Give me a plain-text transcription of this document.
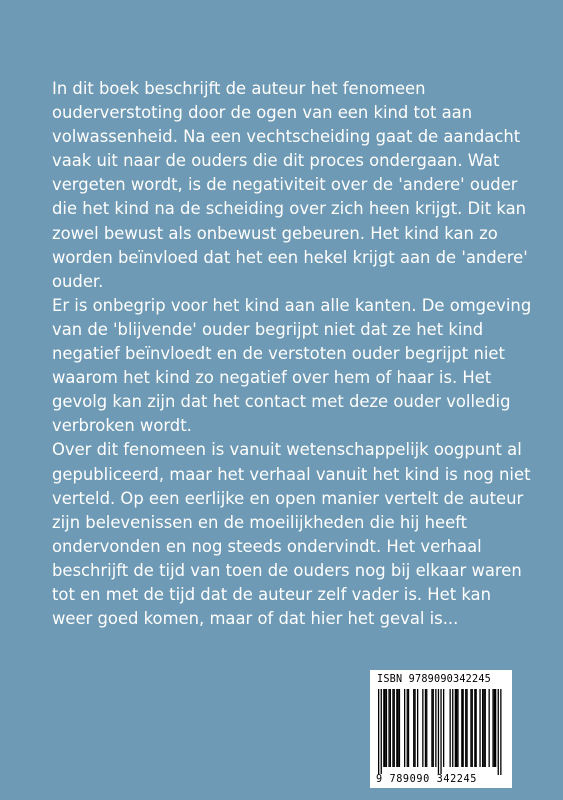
In dit boek beschrijft de auteur het fenomeen ouderverstoting door de ogen van een kind tot aan volwassenheid. Na een vechtscheiding gaat de aandacht vaak uit naar de ouders die dit proces ondergaan. Wat vergeten wordt, is de negativiteit over de 'andere' ouder die het kind na de scheiding over zich heen krijgt. Dit kan zowel bewust als onbewust gebeuren. Het kind kan zo worden beïnvloed dat het een hekel krijgt aan de 'andere' ouder.

Er is onbegrip voor het kind aan alle kanten. De omgeving van de 'blijvende' ouder begrijpt niet dat ze het kind negatief beïnvloedt en de verstoten ouder begrijpt niet waarom het kind zo negatief over hem of haar is. Het gevolg kan zijn dat het contact met deze ouder volledig verbroken wordt.

Over dit fenomeen is vanuit wetenschappelijk oogpunt al gepubliceerd, maar het verhaal vanuit het kind is nog niet verteld. Op een eerlijke en open manier vertelt de auteur zijn belevenissen en de moeilijkheden die hij heeft ondervonden en nog steeds ondervindt. Het verhaal beschrijft de tijd van toen de ouders nog bij elkaar waren tot en met de tijd dat de auteur zelf vader is. Het kan weer goed komen, maar of dat hier het geval is...

ISBN 9789090342245
9 789090 342245
